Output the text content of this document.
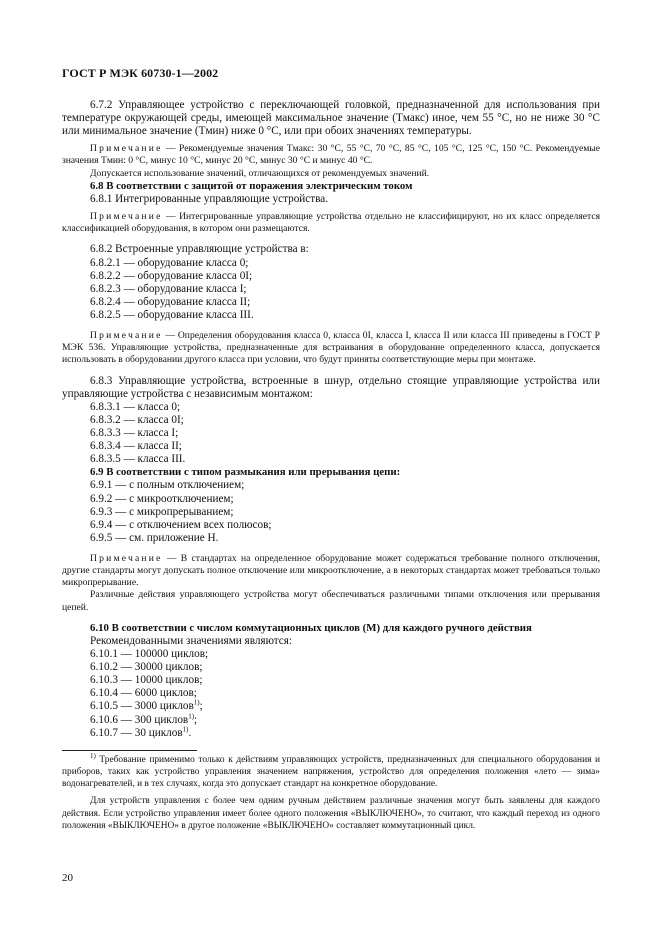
ГОСТ Р МЭК 60730-1—2002

6.7.2 Управляющее устройство с переключающей головкой, предназначенной для использования при температуре окружающей среды, имеющей максимальное значение (Tмакс) иное, чем 55 °С, но не ниже 30 °С или минимальное значение (Tмин) ниже 0 °С, или при обоих значениях температуры.

Примечание — Рекомендуемые значения Tмакс: 30 °С, 55 °С, 70 °С, 85 °С, 105 °С, 125 °С, 150 °С. Рекомендуемые значения Tмин: 0 °С, минус 10 °С, минус 20 °С, минус 30 °С и минус 40 °С.

Допускается использование значений, отличающихся от рекомендуемых значений.

6.8 В соответствии с защитой от поражения электрическим током

6.8.1 Интегрированные управляющие устройства.

Примечание — Интегрированные управляющие устройства отдельно не классифицируют, но их класс определяется классификацией оборудования, в котором они размещаются.

6.8.2 Встроенные управляющие устройства в:

6.8.2.1 — оборудование класса 0;

6.8.2.2 — оборудование класса 0I;

6.8.2.3 — оборудование класса I;

6.8.2.4 — оборудование класса II;

6.8.2.5 — оборудование класса III.

Примечание — Определения оборудования класса 0, класса 0I, класса I, класса II или класса III приведены в ГОСТ Р МЭК 536. Управляющие устройства, предназначенные для встраивания в оборудование определенного класса, допускается использовать в оборудовании другого класса при условии, что будут приняты соответствующие меры при монтаже.

6.8.3 Управляющие устройства, встроенные в шнур, отдельно стоящие управляющие устройства или управляющие устройства с независимым монтажом:

6.8.3.1 — класса 0;

6.8.3.2 — класса 0I;

6.8.3.3 — класса I;

6.8.3.4 — класса II;

6.8.3.5 — класса III.

6.9 В соответствии с типом размыкания или прерывания цепи:

6.9.1 — с полным отключением;

6.9.2 — с микроотключением;

6.9.3 — с микропрерыванием;

6.9.4 — с отключением всех полюсов;

6.9.5 — см. приложение Н.

Примечание — В стандартах на определенное оборудование может содержаться требование полного отключения, другие стандарты могут допускать полное отключение или микроотключение, а в некоторых стандартах может требоваться только микропрерывание.

Различные действия управляющего устройства могут обеспечиваться различными типами отключения или прерывания цепей.

6.10 В соответствии с числом коммутационных циклов (М) для каждого ручного действия

Рекомендованными значениями являются:

6.10.1 — 100000 циклов;

6.10.2 — 30000 циклов;

6.10.3 — 10000 циклов;

6.10.4 — 6000 циклов;

6.10.5 — 3000 циклов$^{1)}$;

6.10.6 — 300 циклов$^{1)}$;

6.10.7 — 30 циклов$^{1)}$.

$^{1)}$ Требование применимо только к действиям управляющих устройств, предназначенных для специального оборудования и приборов, таких как устройство управления значением напряжения, устройство для определения положения «лето — зима» водонагревателей, и в тех случаях, когда это допускает стандарт на конкретное оборудование.

Для устройств управления с более чем одним ручным действием различные значения могут быть заявлены для каждого действия. Если устройство управления имеет более одного положения «ВЫКЛЮЧЕНО», то считают, что каждый переход из одного положения «ВЫКЛЮЧЕНО» в другое положение «ВЫКЛЮЧЕНО» составляет коммутационный цикл.

20
